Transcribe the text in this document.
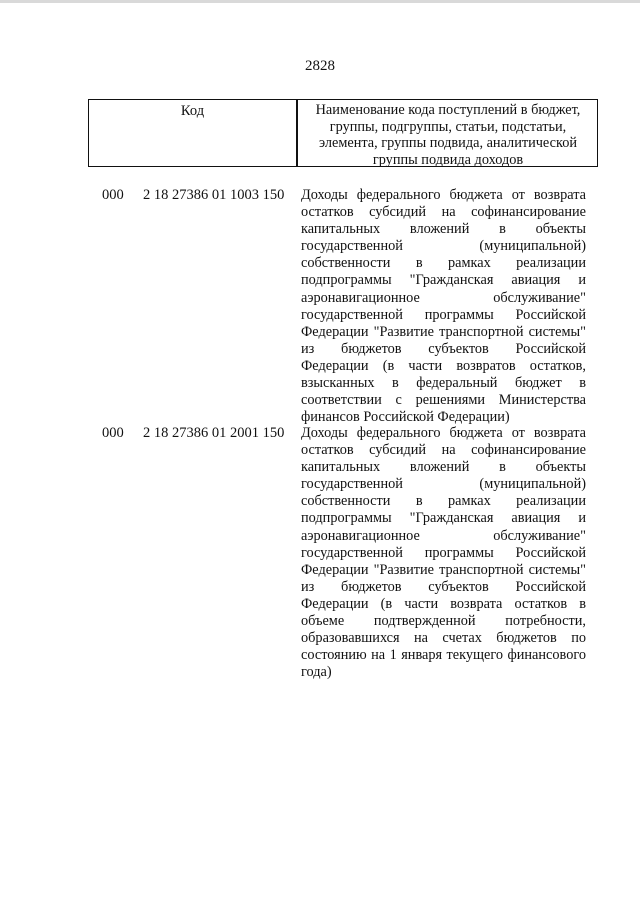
2828
Код	Наименование кода поступлений в бюджет, группы, подгруппы, статьи, подстатьи, элемента, группы подвида, аналитической группы подвида доходов
000 2 18 27386 01 1003 150 Доходы федерального бюджета от возврата остатков субсидий на софинансирование капитальных вложений в объекты государственной (муниципальной) собственности в рамках реализации подпрограммы "Гражданская авиация и аэронавигационное обслуживание" государственной программы Российской Федерации "Развитие транспортной системы" из бюджетов субъектов Российской Федерации (в части возвратов остатков, взысканных в федеральный бюджет в соответствии с решениями Министерства финансов Российской Федерации)
000 2 18 27386 01 2001 150 Доходы федерального бюджета от возврата остатков субсидий на софинансирование капитальных вложений в объекты государственной (муниципальной) собственности в рамках реализации подпрограммы "Гражданская авиация и аэронавигационное обслуживание" государственной программы Российской Федерации "Развитие транспортной системы" из бюджетов субъектов Российской Федерации (в части возврата остатков в объеме подтвержденной потребности, образовавшихся на счетах бюджетов по состоянию на 1 января текущего финансового года)
